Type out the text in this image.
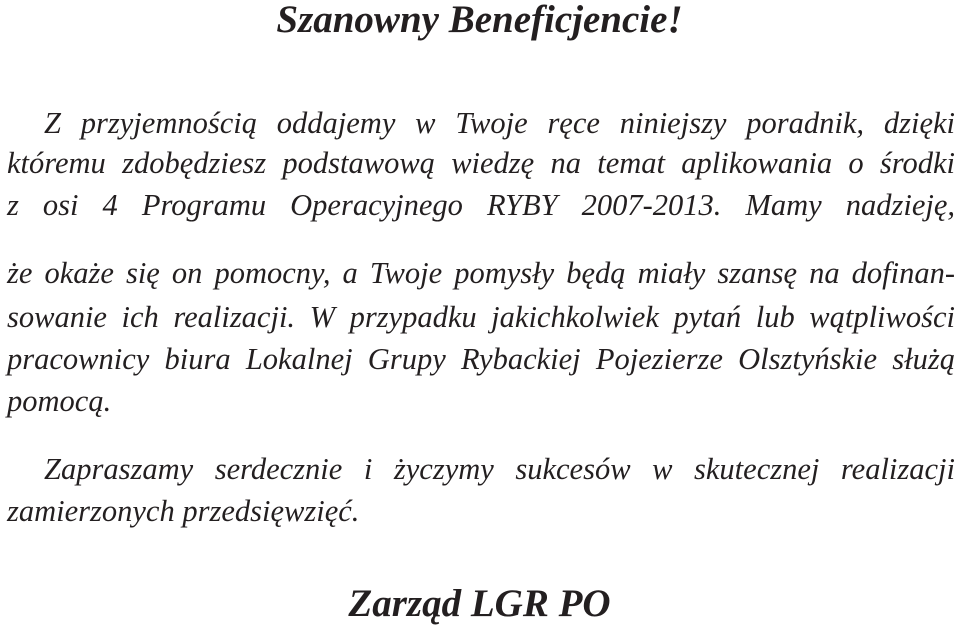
Szanowny Beneficjencie!

Z przyjemnością oddajemy w Twoje ręce niniejszy poradnik, dzięki

któremu zdobędziesz podstawową wiedzę na temat aplikowania o środki

z osi 4 Programu Operacyjnego RYBY 2007-2013. Mamy nadzieję,

że okaże się on pomocny, a Twoje pomysły będą miały szansę na dofinan-

sowanie ich realizacji. W przypadku jakichkolwiek pytań lub wątpliwości

pracownicy biura Lokalnej Grupy Rybackiej Pojezierze Olsztyńskie służą

pomocą.

Zapraszamy serdecznie i życzymy sukcesów w skutecznej realizacji

zamierzonych przedsięwzięć.

Zarząd LGR PO
